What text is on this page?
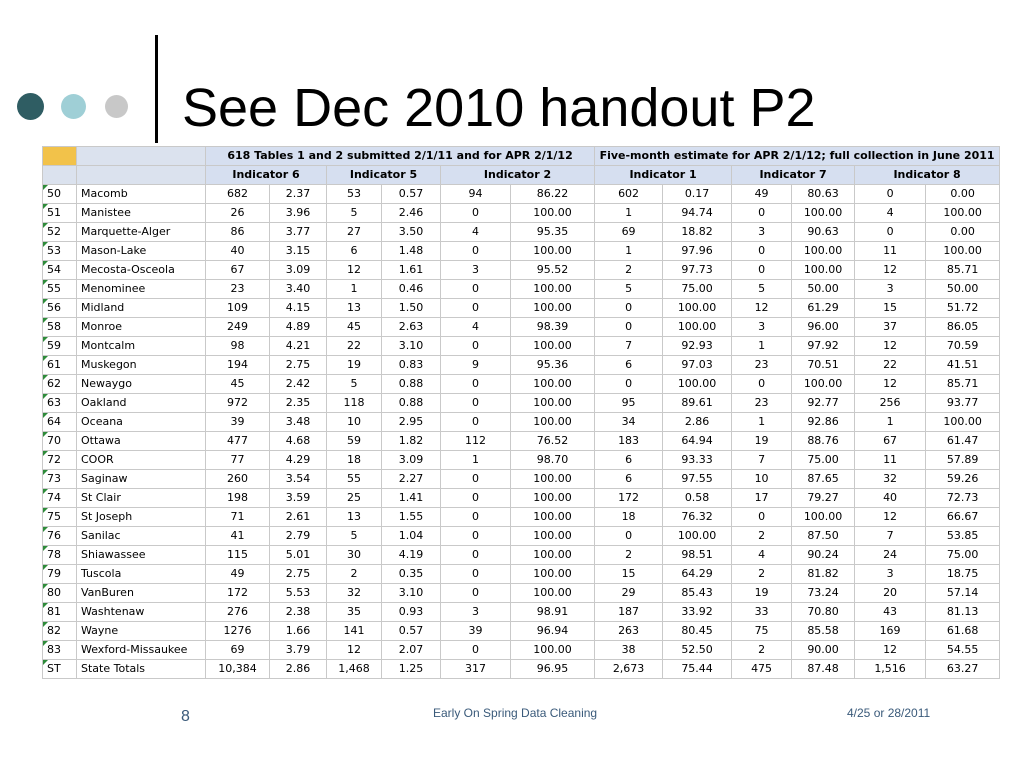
See Dec 2010 handout P2
		618 Tables 1 and 2 submitted 2/1/11 and for APR 2/1/12						Five-month estimate for APR 2/1/12; full collection in June 2011					
		Indicator 6		Indicator 5		Indicator 2		Indicator 1		Indicator 7		Indicator 8	

50	Macomb	682	2.37	53	0.57	94	86.22	602	0.17	49	80.63	0	0.00

51	Manistee	26	3.96	5	2.46	0	100.00	1	94.74	0	100.00	4	100.00

52	Marquette-Alger	86	3.77	27	3.50	4	95.35	69	18.82	3	90.63	0	0.00

53	Mason-Lake	40	3.15	6	1.48	0	100.00	1	97.96	0	100.00	11	100.00

54	Mecosta-Osceola	67	3.09	12	1.61	3	95.52	2	97.73	0	100.00	12	85.71

55	Menominee	23	3.40	1	0.46	0	100.00	5	75.00	5	50.00	3	50.00

56	Midland	109	4.15	13	1.50	0	100.00	0	100.00	12	61.29	15	51.72

58	Monroe	249	4.89	45	2.63	4	98.39	0	100.00	3	96.00	37	86.05

59	Montcalm	98	4.21	22	3.10	0	100.00	7	92.93	1	97.92	12	70.59

61	Muskegon	194	2.75	19	0.83	9	95.36	6	97.03	23	70.51	22	41.51

62	Newaygo	45	2.42	5	0.88	0	100.00	0	100.00	0	100.00	12	85.71

63	Oakland	972	2.35	118	0.88	0	100.00	95	89.61	23	92.77	256	93.77

64	Oceana	39	3.48	10	2.95	0	100.00	34	2.86	1	92.86	1	100.00

70	Ottawa	477	4.68	59	1.82	112	76.52	183	64.94	19	88.76	67	61.47

72	COOR	77	4.29	18	3.09	1	98.70	6	93.33	7	75.00	11	57.89

73	Saginaw	260	3.54	55	2.27	0	100.00	6	97.55	10	87.65	32	59.26

74	St Clair	198	3.59	25	1.41	0	100.00	172	0.58	17	79.27	40	72.73

75	St Joseph	71	2.61	13	1.55	0	100.00	18	76.32	0	100.00	12	66.67

76	Sanilac	41	2.79	5	1.04	0	100.00	0	100.00	2	87.50	7	53.85

78	Shiawassee	115	5.01	30	4.19	0	100.00	2	98.51	4	90.24	24	75.00

79	Tuscola	49	2.75	2	0.35	0	100.00	15	64.29	2	81.82	3	18.75

80	VanBuren	172	5.53	32	3.10	0	100.00	29	85.43	19	73.24	20	57.14

81	Washtenaw	276	2.38	35	0.93	3	98.91	187	33.92	33	70.80	43	81.13

82	Wayne	1276	1.66	141	0.57	39	96.94	263	80.45	75	85.58	169	61.68

83	Wexford-Missaukee	69	3.79	12	2.07	0	100.00	38	52.50	2	90.00	12	54.55

ST	State Totals	10,384	2.86	1,468	1.25	317	96.95	2,673	75.44	475	87.48	1,516	63.27
8	Early On Spring Data Cleaning	4/25 or 28/2011
